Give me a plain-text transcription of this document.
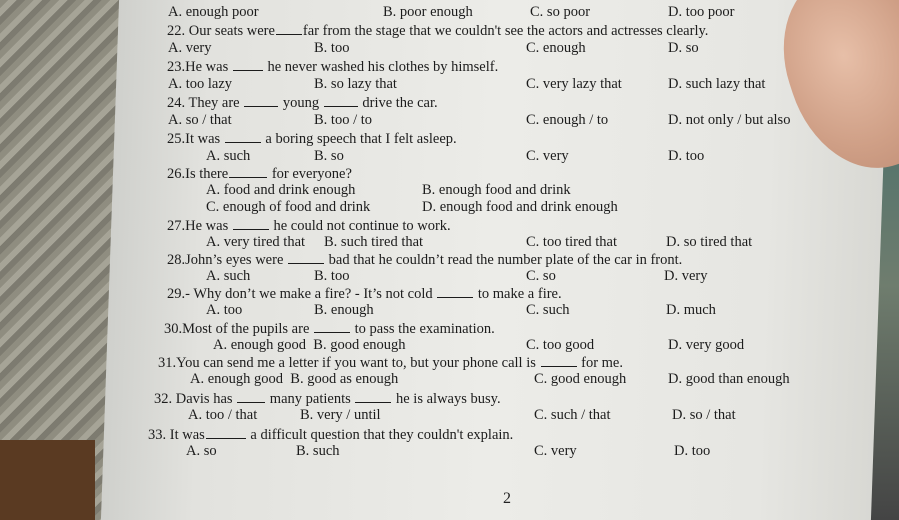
A. enough poor	B. poor enough	C. so poor	D. too poor
22. Our seats were far from the stage that we couldn't see the actors and actresses clearly.
A. very	B. too	C. enough	D. so
23.He was	he never washed his clothes by himself.
A. too lazy	B. so lazy that	C. very lazy that	D. such lazy that
24. They are	young	drive the car.
A. so / that	B. too / to	C. enough / to	D. not only / but also
25.It was	a boring speech that I felt asleep.
A. such	B. so	C. very	D. too
26.Is there	for everyone?
A. food and drink enough	B. enough food and drink
C. enough of food and drink	D. enough food and drink enough
27.He was	he could not continue to work.
A. very tired that B. such tired that	C. too tired that	D. so tired that
28.John’s eyes were	bad that he couldn’t read the number plate of the car in front.
A. such	B. too	C. so	D. very
29.- Why don’t we make a fire? - It’s not cold	to make a fire.
A. too	B. enough	C. such	D. much
30.Most of the pupils are	to pass the examination.
A. enough good B. good enough	C. too good	D. very good
31.You can send me a letter if you want to, but your phone call is	for me.
A. enough good B. good as enough	C. good enough	D. good than enough
32. Davis has	many patients	he is always busy.
A. too / that	B. very / until	C. such / that	D. so / that
33. It was	a difficult question that they couldn't explain.
A. so	B. such	C. very	D. too
2
